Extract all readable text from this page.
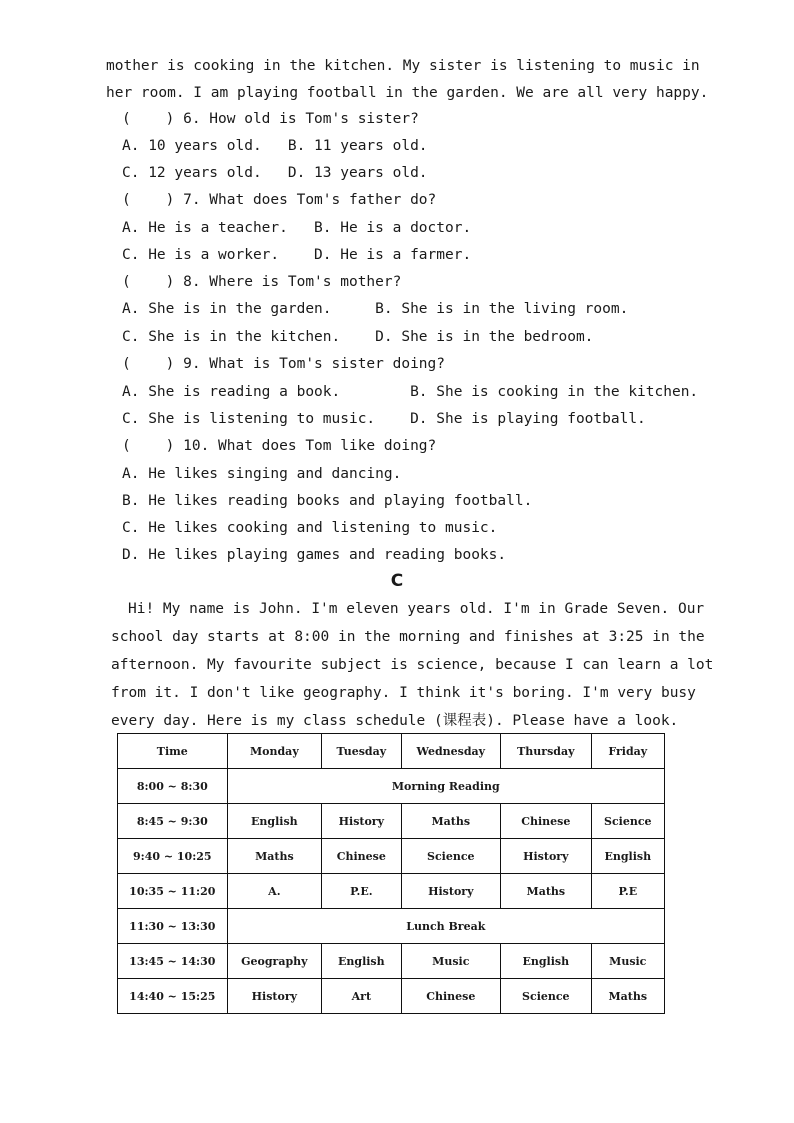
mother is cooking in the kitchen. My sister is listening to music in
her room. I am playing football in the garden. We are all very happy.
(    ) 6. How old is Tom's sister?
A. 10 years old.   B. 11 years old.
C. 12 years old.   D. 13 years old.
(    ) 7. What does Tom's father do?
A. He is a teacher.   B. He is a doctor.
C. He is a worker.    D. He is a farmer.
(    ) 8. Where is Tom's mother?
A. She is in the garden.     B. She is in the living room.
C. She is in the kitchen.    D. She is in the bedroom.
(    ) 9. What is Tom's sister doing?
A. She is reading a book.        B. She is cooking in the kitchen.
C. She is listening to music.    D. She is playing football.
(    ) 10. What does Tom like doing?
A. He likes singing and dancing.
B. He likes reading books and playing football.
C. He likes cooking and listening to music.
D. He likes playing games and reading books.
C
Hi! My name is John. I'm eleven years old. I'm in Grade Seven. Our
school day starts at 8:00 in the morning and finishes at 3:25 in the
afternoon. My favourite subject is science, because I can learn a lot
from it. I don't like geography. I think it's boring. I'm very busy
every day. Here is my class schedule (课程表). Please have a look.
Time	Monday	Tuesday	Wednesday	Thursday	Friday
8:00 ~ 8:30	Morning Reading				
8:45 ~ 9:30	English	History	Maths	Chinese	Science
9:40 ~ 10:25	Maths	Chinese	Science	History	English
10:35 ~ 11:20	A.	P.E.	History	Maths	P.E
11:30 ~ 13:30	Lunch Break				
13:45 ~ 14:30	Geography	English	Music	English	Music
14:40 ~ 15:25	History	Art	Chinese	Science	Maths
